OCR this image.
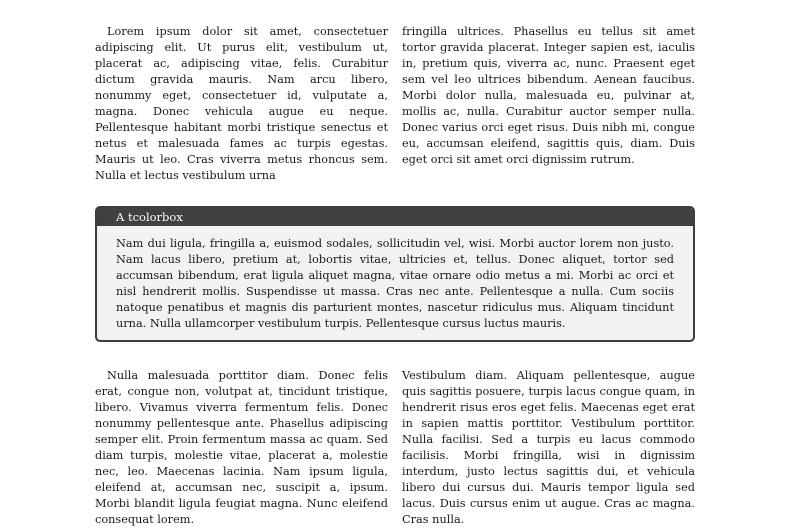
Lorem ipsum dolor sit amet, consectetuer adipiscing elit. Ut purus elit, vestibulum ut, placerat ac, adipiscing vitae, felis. Curabitur dictum gravida mauris. Nam arcu libero, nonummy eget, consectetuer id, vulputate a, magna. Donec vehicula augue eu neque. Pellentesque habitant morbi tristique senectus et netus et malesuada fames ac turpis egestas. Mauris ut leo. Cras viverra metus rhoncus sem. Nulla et lectus vestibulum urna
fringilla ultrices. Phasellus eu tellus sit amet tortor gravida placerat. Integer sapien est, iaculis in, pretium quis, viverra ac, nunc. Praesent eget sem vel leo ultrices bibendum. Aenean faucibus. Morbi dolor nulla, malesuada eu, pulvinar at, mollis ac, nulla. Curabitur auctor semper nulla. Donec varius orci eget risus. Duis nibh mi, congue eu, accumsan eleifend, sagittis quis, diam. Duis eget orci sit amet orci dignissim rutrum.
A tcolorbox
Nam dui ligula, fringilla a, euismod sodales, sollicitudin vel, wisi. Morbi auctor lorem non justo. Nam lacus libero, pretium at, lobortis vitae, ultricies et, tellus. Donec aliquet, tortor sed accumsan bibendum, erat ligula aliquet magna, vitae ornare odio metus a mi. Morbi ac orci et nisl hendrerit mollis. Suspendisse ut massa. Cras nec ante. Pellentesque a nulla. Cum sociis natoque penatibus et magnis dis parturient montes, nascetur ridiculus mus. Aliquam tincidunt urna. Nulla ullamcorper vestibulum turpis. Pellentesque cursus luctus mauris.
Nulla malesuada porttitor diam. Donec felis erat, congue non, volutpat at, tincidunt tristique, libero. Vivamus viverra fermentum felis. Donec nonummy pellentesque ante. Phasellus adipiscing semper elit. Proin fermentum massa ac quam. Sed diam turpis, molestie vitae, placerat a, molestie nec, leo. Maecenas lacinia. Nam ipsum ligula, eleifend at, accumsan nec, suscipit a, ipsum. Morbi blandit ligula feugiat magna. Nunc eleifend consequat lorem.
Vestibulum diam. Aliquam pellentesque, augue quis sagittis posuere, turpis lacus congue quam, in hendrerit risus eros eget felis. Maecenas eget erat in sapien mattis porttitor. Vestibulum porttitor. Nulla facilisi. Sed a turpis eu lacus commodo facilisis. Morbi fringilla, wisi in dignissim interdum, justo lectus sagittis dui, et vehicula libero dui cursus dui. Mauris tempor ligula sed lacus. Duis cursus enim ut augue. Cras ac magna. Cras nulla.
